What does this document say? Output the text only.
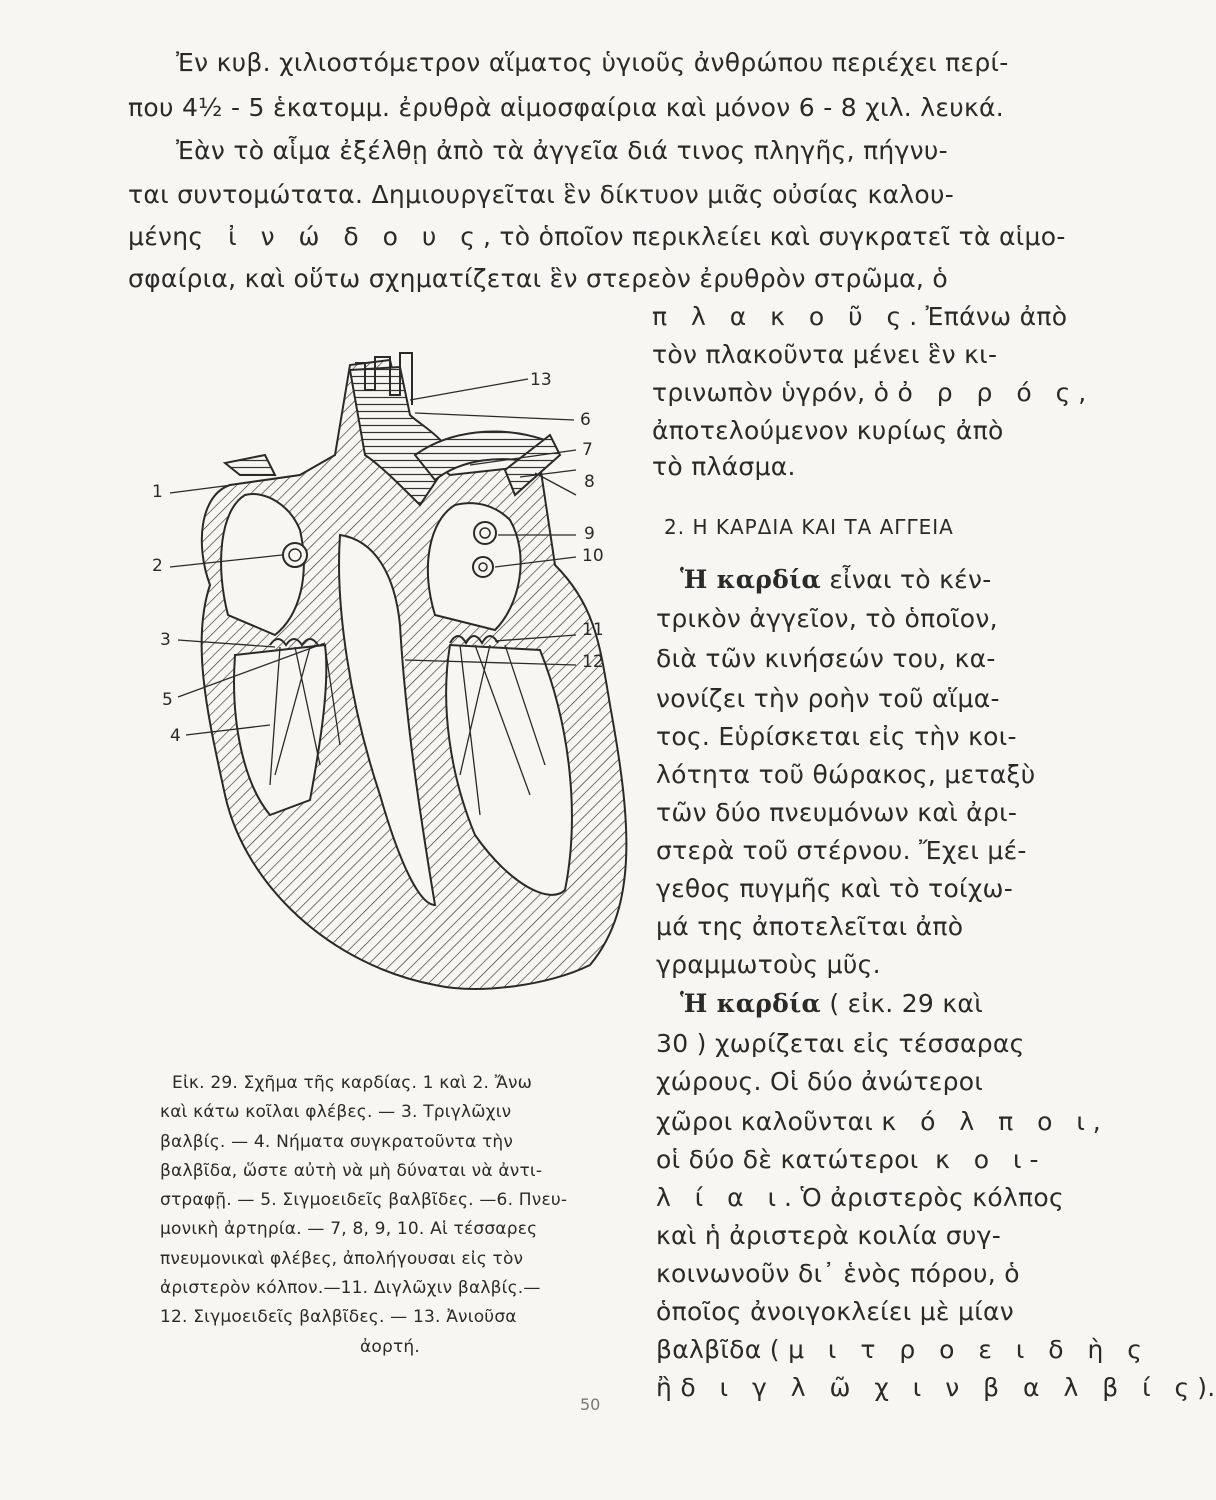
Ἐν κυβ. χιλιοστόμετρον αἵματος ὑγιοῦς ἀνθρώπου περιέχει περί-
που 4½ - 5 ἑκατομμ. ἐρυθρὰ αἱμοσφαίρια καὶ μόνον 6 - 8 χιλ. λευκά.
Ἐὰν τὸ αἷμα ἐξέλθῃ ἀπὸ τὰ ἀγγεῖα διά τινος πληγῆς, πήγνυ-
ται συντομώτατα. Δημιουργεῖται ἓν δίκτυον μιᾶς οὐσίας καλου-
μένης ἰ ν ώ δ ο υ ς, τὸ ὁποῖον περικλείει καὶ συγκρατεῖ τὰ αἱμο-
σφαίρια, καὶ οὕτω σχηματίζεται ἓν στερεὸν ἐρυθρὸν στρῶμα, ὁ
π λ α κ ο ῦ ς. Ἐπάνω ἀπὸ
τὸν πλακοῦντα μένει ἓν κι-
τρινωπὸν ὑγρόν, ὁ ὀ ρ ρ ό ς,
ἀποτελούμενον κυρίως ἀπὸ
τὸ πλάσμα.
2. Η ΚΑΡΔΙΑ ΚΑΙ ΤΑ ΑΓΓΕΙΑ
Ἡ καρδία εἶναι τὸ κέν-
τρικὸν ἀγγεῖον, τὸ ὁποῖον,
διὰ τῶν κινήσεών του, κα-
νονίζει τὴν ροὴν τοῦ αἵμα-
τος. Εὑρίσκεται εἰς τὴν κοι-
λότητα τοῦ θώρακος, μεταξὺ
τῶν δύο πνευμόνων καὶ ἀρι-
στερὰ τοῦ στέρνου. Ἔχει μέ-
γεθος πυγμῆς καὶ τὸ τοίχω-
μά της ἀποτελεῖται ἀπὸ
γραμμωτοὺς μῦς.
Ἡ καρδία ( εἰκ. 29 καὶ
30 ) χωρίζεται εἰς τέσσαρας
χώρους. Οἱ δύο ἀνώτεροι
χῶροι καλοῦνται κ ό λ π ο ι,
οἱ δύο δὲ κατώτεροι κ ο ι-
λ ί α ι. Ὁ ἀριστερὸς κόλπος
καὶ ἡ ἀριστερὰ κοιλία συγ-
κοινωνοῦν δι᾽ ἑνὸς πόρου, ὁ
ὁποῖος ἀνοιγοκλείει μὲ μίαν
βαλβῖδα ( μ ι τ ρ ο ε ι δ ὴ ς
ἢ δ ι γ λ ῶ χ ι ν β α λ β ί ς).
1
2
3
4
5
6
7
8
9
10
11
12
13
Εἰκ. 29. Σχῆμα τῆς καρδίας. 1 καὶ 2. Ἄνω
καὶ κάτω κοῖλαι φλέβες. — 3. Τριγλῶχιν
βαλβίς. — 4. Νήματα συγκρατοῦντα τὴν
βαλβῖδα, ὥστε αὐτὴ νὰ μὴ δύναται νὰ ἀντι-
στραφῇ. — 5. Σιγμοειδεῖς βαλβῖδες. —6. Πνευ-
μονικὴ ἀρτηρία. — 7, 8, 9, 10. Αἱ τέσσαρες
πνευμονικαὶ φλέβες, ἀπολήγουσαι εἰς τὸν
ἀριστερὸν κόλπον.—11. Διγλῶχιν βαλβίς.—
12. Σιγμοειδεῖς βαλβῖδες. — 13. Ἀνιοῦσα
ἀορτή.
50
